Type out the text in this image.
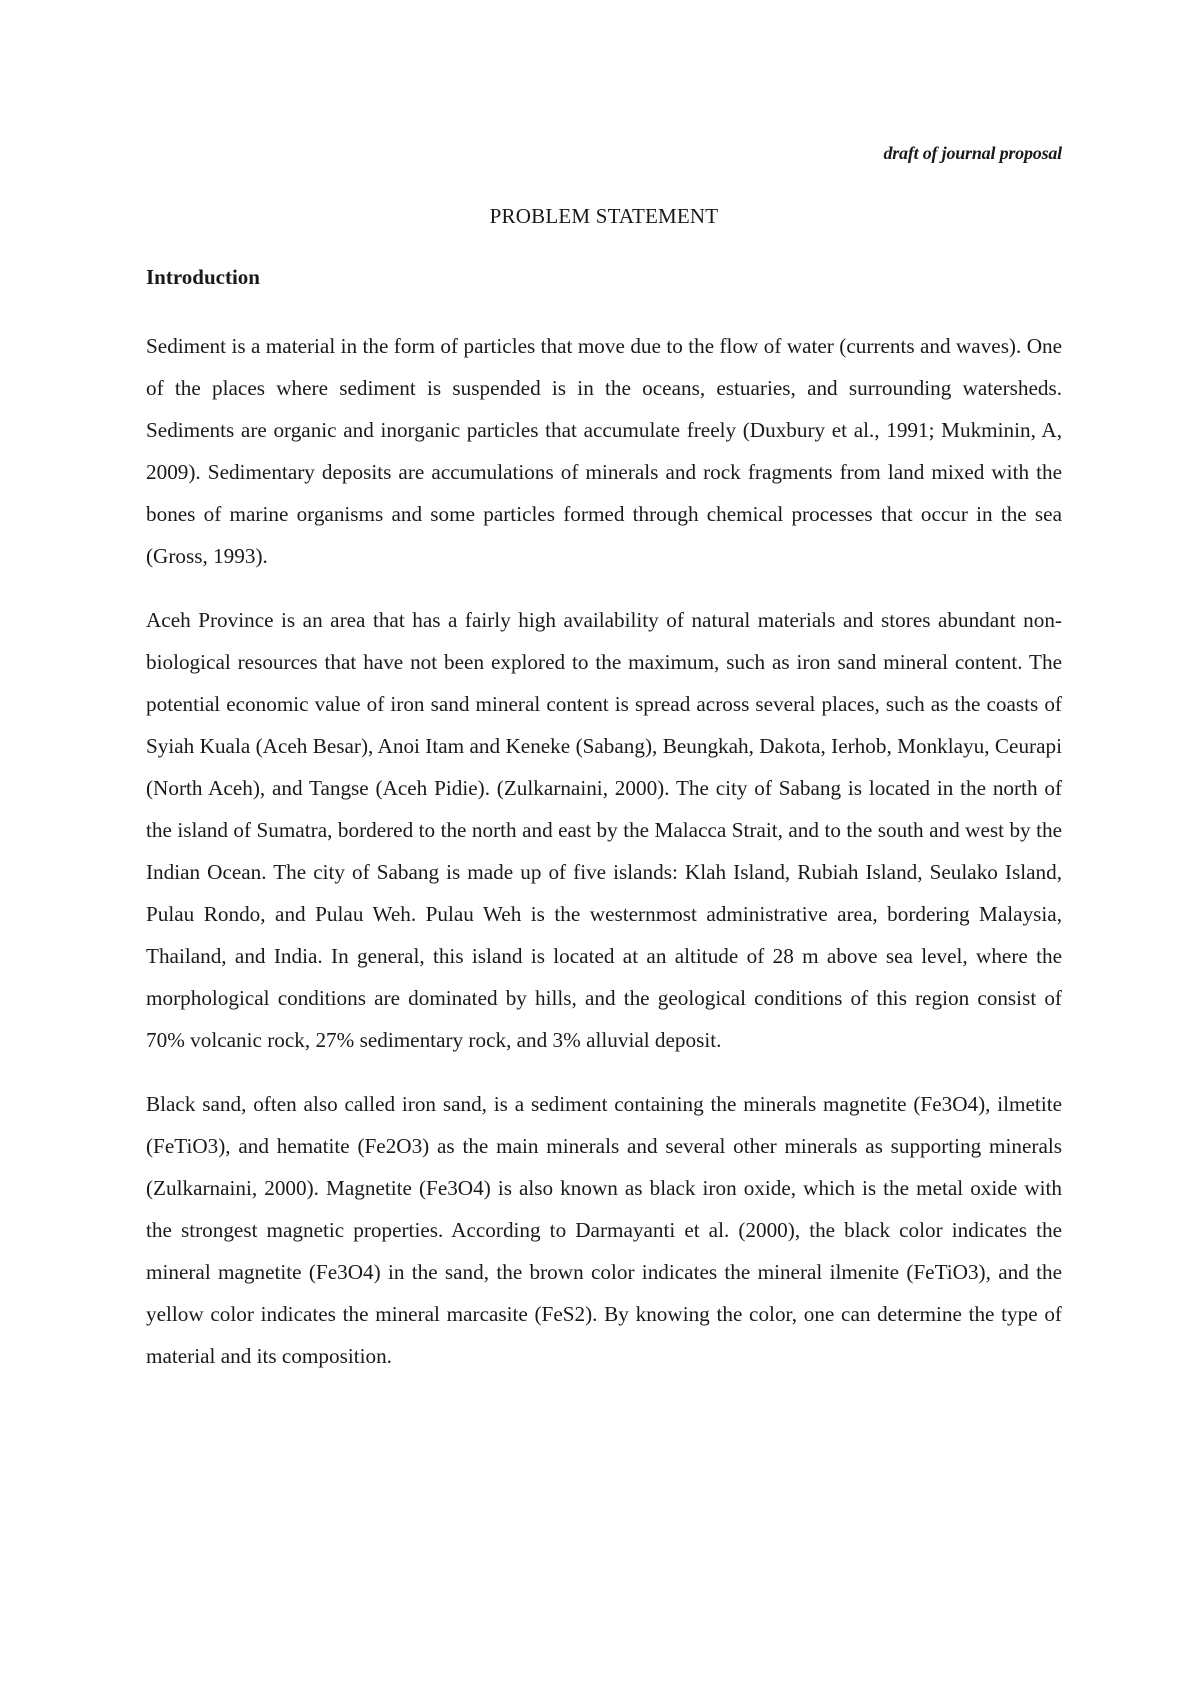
draft of journal proposal
PROBLEM STATEMENT
Introduction

Sediment is a material in the form of particles that move due to the flow of water (currents and waves). One of the places where sediment is suspended is in the oceans, estuaries, and surrounding watersheds. Sediments are organic and inorganic particles that accumulate freely (Duxbury et al., 1991; Mukminin, A, 2009). Sedimentary deposits are accumulations of minerals and rock fragments from land mixed with the bones of marine organisms and some particles formed through chemical processes that occur in the sea (Gross, 1993).

Aceh Province is an area that has a fairly high availability of natural materials and stores abundant non-biological resources that have not been explored to the maximum, such as iron sand mineral content. The potential economic value of iron sand mineral content is spread across several places, such as the coasts of Syiah Kuala (Aceh Besar), Anoi Itam and Keneke (Sabang), Beungkah, Dakota, Ierhob, Monklayu, Ceurapi (North Aceh), and Tangse (Aceh Pidie). (Zulkarnaini, 2000). The city of Sabang is located in the north of the island of Sumatra, bordered to the north and east by the Malacca Strait, and to the south and west by the Indian Ocean. The city of Sabang is made up of five islands: Klah Island, Rubiah Island, Seulako Island, Pulau Rondo, and Pulau Weh. Pulau Weh is the westernmost administrative area, bordering Malaysia, Thailand, and India. In general, this island is located at an altitude of 28 m above sea level, where the morphological conditions are dominated by hills, and the geological conditions of this region consist of 70% volcanic rock, 27% sedimentary rock, and 3% alluvial deposit.

Black sand, often also called iron sand, is a sediment containing the minerals magnetite (Fe3O4), ilmetite (FeTiO3), and hematite (Fe2O3) as the main minerals and several other minerals as supporting minerals (Zulkarnaini, 2000). Magnetite (Fe3O4) is also known as black iron oxide, which is the metal oxide with the strongest magnetic properties. According to Darmayanti et al. (2000), the black color indicates the mineral magnetite (Fe3O4) in the sand, the brown color indicates the mineral ilmenite (FeTiO3), and the yellow color indicates the mineral marcasite (FeS2). By knowing the color, one can determine the type of material and its composition.
